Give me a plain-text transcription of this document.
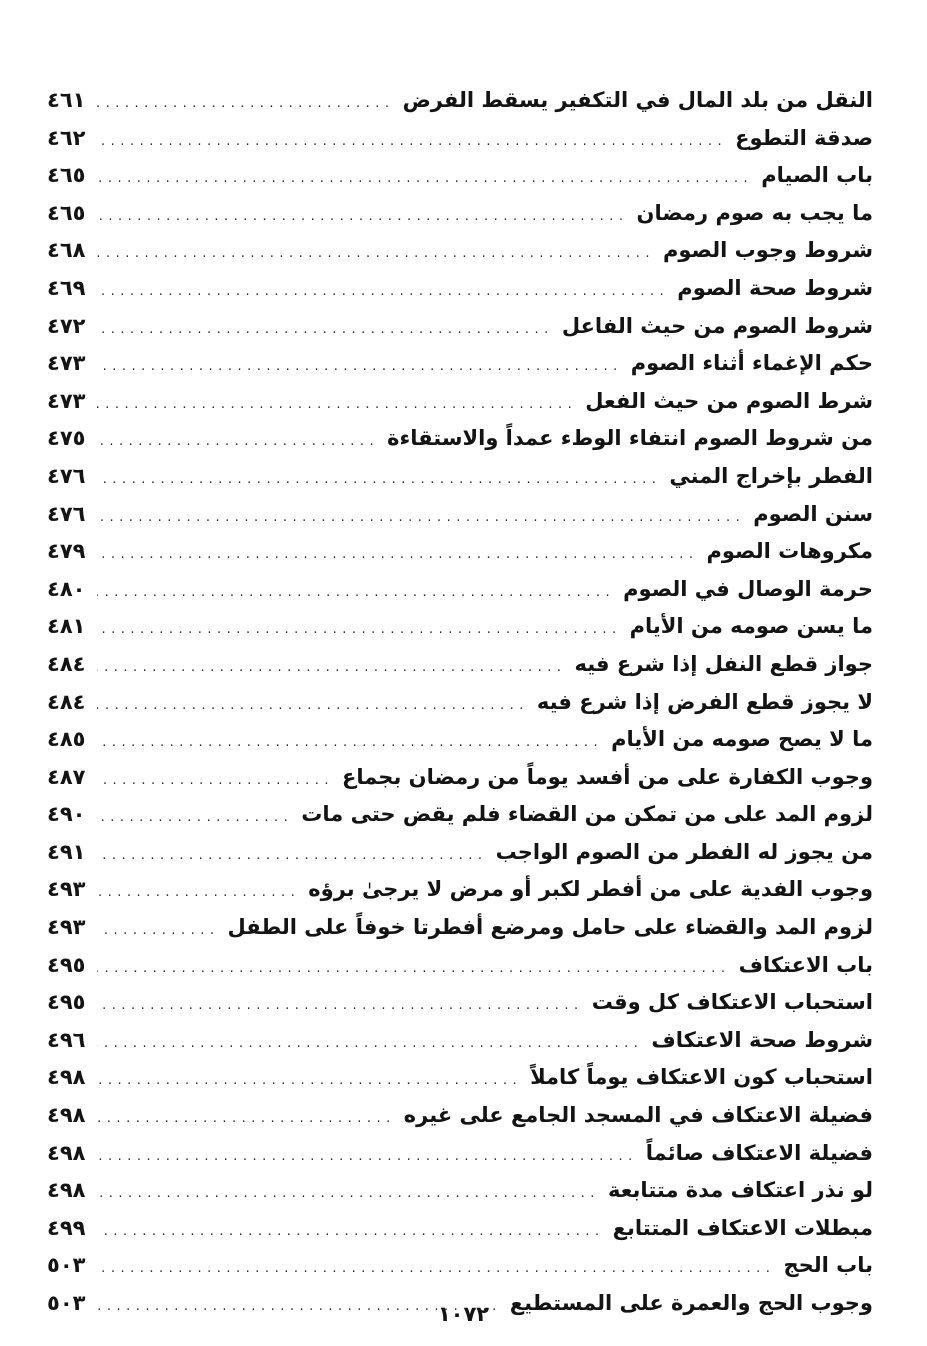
النقل من بلد المال في التكفير يسقط الفرض
.....
٤٦١
صدقة التطوع
.....
٤٦٢
باب الصيام
.....
٤٦٥
ما يجب به صوم رمضان
.....
٤٦٥
شروط وجوب الصوم
.....
٤٦٨
شروط صحة الصوم
.....
٤٦٩
شروط الصوم من حيث الفاعل
.....
٤٧٢
حكم الإغماء أثناء الصوم
.....
٤٧٣
شرط الصوم من حيث الفعل
.....
٤٧٣
من شروط الصوم انتفاء الوطء عمداً والاستقاءة
.....
٤٧٥
الفطر بإخراج المني
.....
٤٧٦
سنن الصوم
.....
٤٧٦
مكروهات الصوم
.....
٤٧٩
حرمة الوصال في الصوم
.....
٤٨٠
ما يسن صومه من الأيام
.....
٤٨١
جواز قطع النفل إذا شرع فيه
.....
٤٨٤
لا يجوز قطع الفرض إذا شرع فيه
.....
٤٨٤
ما لا يصح صومه من الأيام
.....
٤٨٥
وجوب الكفارة على من أفسد يوماً من رمضان بجماع
.....
٤٨٧
لزوم المد على من تمكن من القضاء فلم يقض حتى مات
.....
٤٩٠
من يجوز له الفطر من الصوم الواجب
.....
٤٩١
وجوب الفدية على من أفطر لكبر أو مرض لا يرجىٰ برؤه
.....
٤٩٣
لزوم المد والقضاء على حامل ومرضع أفطرتا خوفاً على الطفل
.....
٤٩٣
باب الاعتكاف
.....
٤٩٥
استحباب الاعتكاف كل وقت
.....
٤٩٥
شروط صحة الاعتكاف
.....
٤٩٦
استحباب كون الاعتكاف يوماً كاملاً
.....
٤٩٨
فضيلة الاعتكاف في المسجد الجامع على غيره
.....
٤٩٨
فضيلة الاعتكاف صائماً
.....
٤٩٨
لو نذر اعتكاف مدة متتابعة
.....
٤٩٨
مبطلات الاعتكاف المتتابع
.....
٤٩٩
باب الحج
.....
٥٠٣
وجوب الحج والعمرة على المستطيع
.....
٥٠٣	١٠٧٢
